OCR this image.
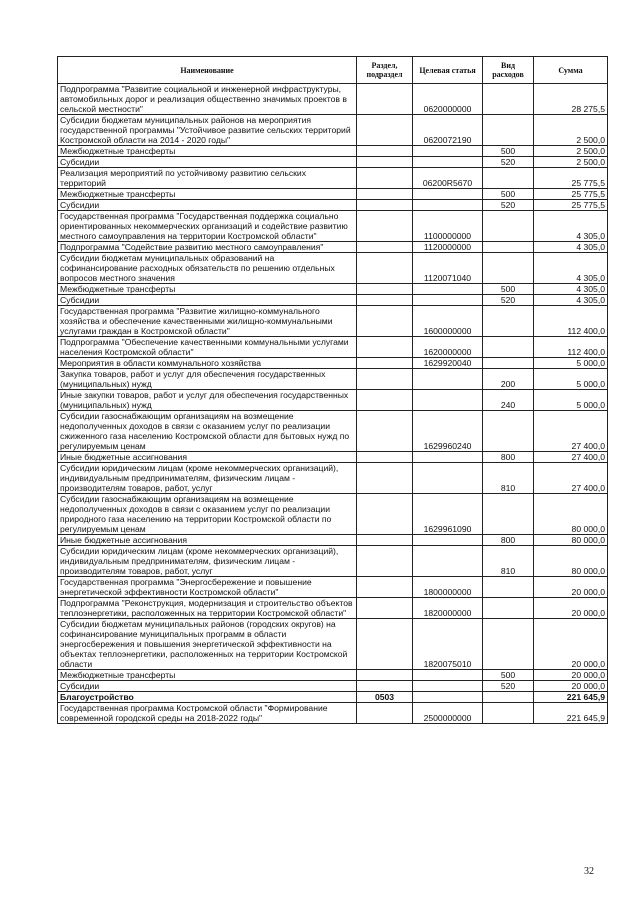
Наименование	Раздел, подраздел	Целевая статья	Вид расходов	Сумма
Подпрограмма "Развитие социальной и инженерной инфраструктуры, автомобильных дорог и реализация общественно значимых проектов в сельской местности"		0620000000		28 275,5
Субсидии бюджетам муниципальных районов на мероприятия государственной программы "Устойчивое развитие сельских территорий Костромской области на 2014 - 2020 годы"		0620072190		2 500,0
Межбюджетные трансферты			500	2 500,0
Субсидии			520	2 500,0
Реализация мероприятий по устойчивому развитию сельских территорий		06200R5670		25 775,5
Межбюджетные трансферты			500	25 775,5
Субсидии			520	25 775,5
Государственная программа "Государственная поддержка социально ориентированных некоммерческих организаций и содействие развитию местного самоуправления на территории Костромской области"		1100000000		4 305,0
Подпрограмма "Содействие развитию местного самоуправления"		1120000000		4 305,0
Субсидии бюджетам муниципальных образований на софинансирование расходных обязательств по решению отдельных вопросов местного значения		1120071040		4 305,0
Межбюджетные трансферты			500	4 305,0
Субсидии			520	4 305,0
Государственная программа "Развитие жилищно-коммунального хозяйства и обеспечение качественными жилищно-коммунальными услугами граждан в Костромской области"		1600000000		112 400,0
Подпрограмма "Обеспечение качественными коммунальными услугами населения Костромской области"		1620000000		112 400,0
Мероприятия в области коммунального хозяйства		1629920040		5 000,0
Закупка товаров, работ и услуг для обеспечения государственных (муниципальных) нужд			200	5 000,0
Иные закупки товаров, работ и услуг для обеспечения государственных (муниципальных) нужд			240	5 000,0
Субсидии газоснабжающим организациям на возмещение недополученных доходов в связи с оказанием услуг по реализации сжиженного газа населению Костромской области для бытовых нужд по регулируемым ценам		1629960240		27 400,0
Иные бюджетные ассигнования			800	27 400,0
Субсидии юридическим лицам (кроме некоммерческих организаций), индивидуальным предпринимателям, физическим лицам - производителям товаров, работ, услуг			810	27 400,0
Субсидии газоснабжающим организациям на возмещение недополученных доходов в связи с оказанием услуг по реализации природного газа населению на территории Костромской области по регулируемым ценам		1629961090		80 000,0
Иные бюджетные ассигнования			800	80 000,0
Субсидии юридическим лицам (кроме некоммерческих организаций), индивидуальным предпринимателям, физическим лицам - производителям товаров, работ, услуг			810	80 000,0
Государственная программа "Энергосбережение и повышение энергетической эффективности Костромской области"		1800000000		20 000,0
Подпрограмма "Реконструкция, модернизация и строительство объектов теплоэнергетики, расположенных на территории Костромской области"		1820000000		20 000,0
Субсидии бюджетам муниципальных районов (городских округов) на софинансирование муниципальных программ в области энергосбережения и повышения энергетической эффективности на объектах теплоэнергетики, расположенных на территории Костромской области		1820075010		20 000,0
Межбюджетные трансферты			500	20 000,0
Субсидии			520	20 000,0
Благоустройство	0503			221 645,9
Государственная программа Костромской области "Формирование современной городской среды на 2018-2022 годы"		2500000000		221 645,9
32
